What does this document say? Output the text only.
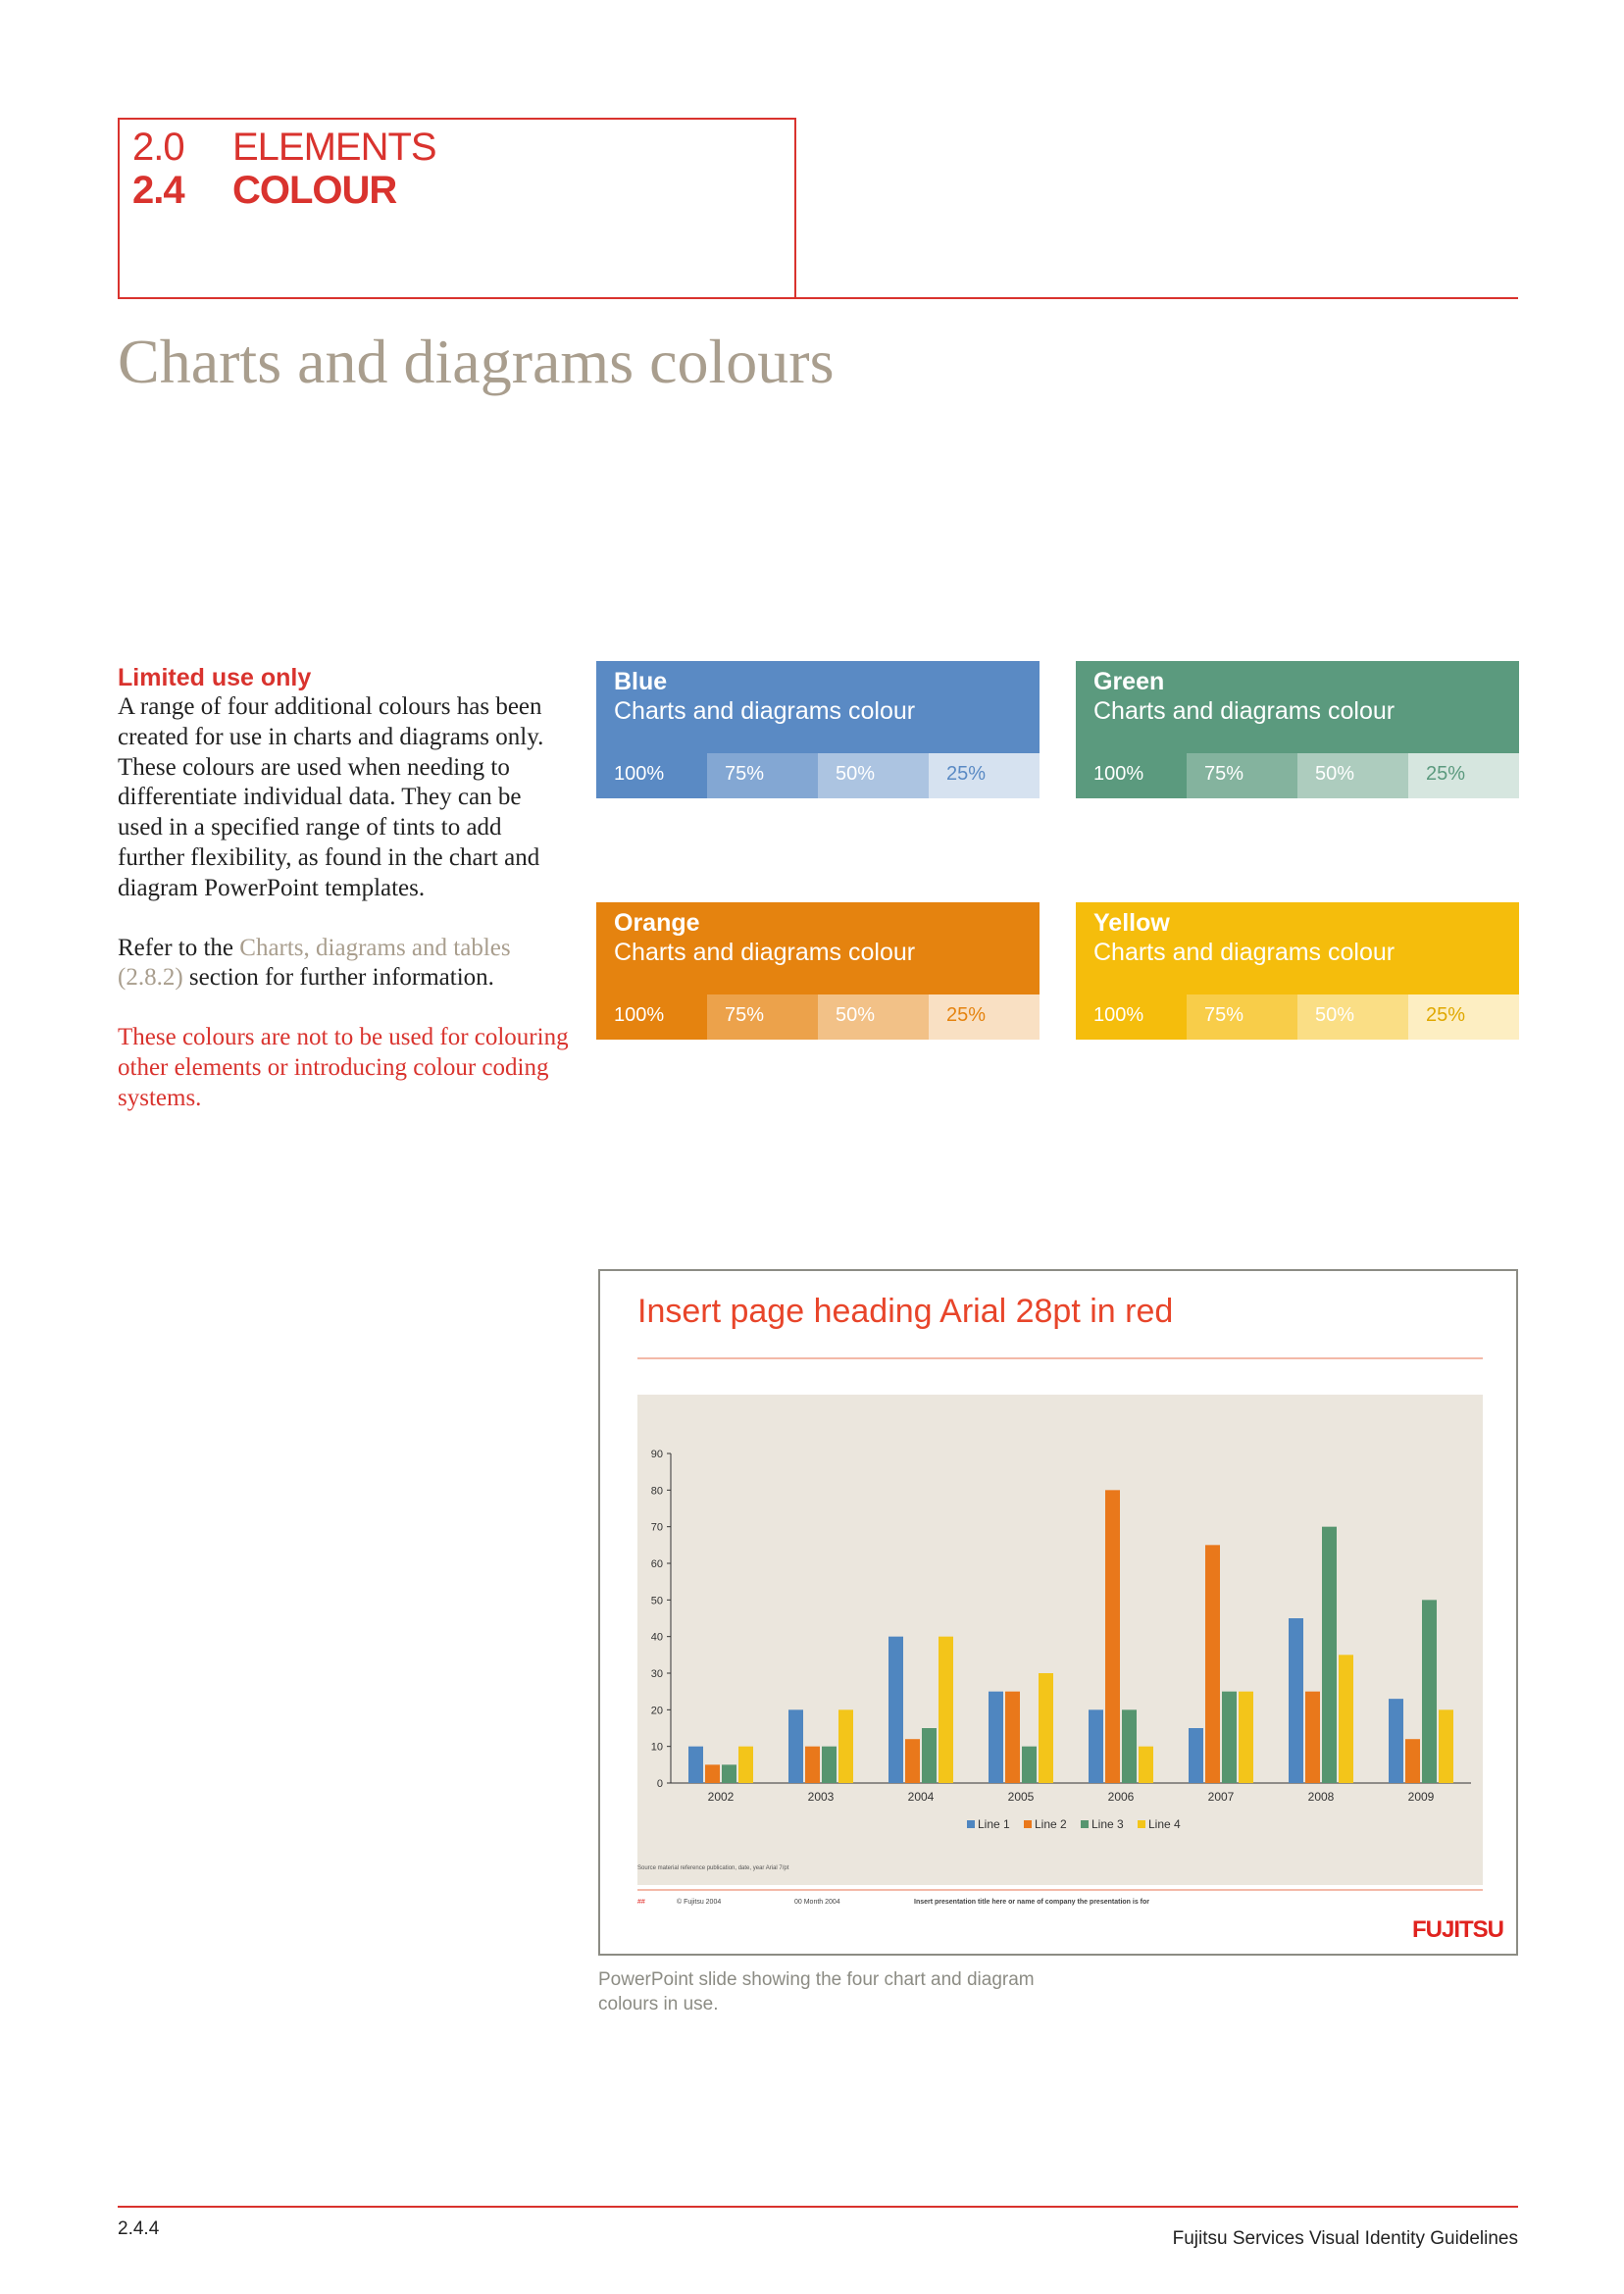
2.0 ELEMENTS
2.4 COLOUR
Charts and diagrams colours
Limited use only

A range of four additional colours has been created for use in charts and diagrams only. These colours are used when needing to differentiate individual data. They can be used in a specified range of tints to add further flexibility, as found in the chart and diagram PowerPoint templates.

Refer to the Charts, diagrams and tables (2.8.2) section for further information.

These colours are not to be used for colouring other elements or introducing colour coding systems.

Blue
Charts and diagrams colour
100%	75%	50%	25%
Green
Charts and diagrams colour
100%	75%	50%	25%
Orange
Charts and diagrams colour
100%	75%	50%	25%
Yellow
Charts and diagrams colour
100%	75%	50%	25%
Insert page heading Arial 28pt in red
0
10
20
30
40
50
60
70
80
90
2002	2003	2004	2005	2006	2007	2008	2009
Line 1 Line 2 Line 3 Line 4
Source material reference publication, date, year Arial 7/pt
##	© Fujitsu 2004	00 Month 2004	Insert presentation title here or name of company the presentation is for
FUJITSU
PowerPoint slide showing the four chart and diagram colours in use.
2.4.4	Fujitsu Services Visual Identity Guidelines
